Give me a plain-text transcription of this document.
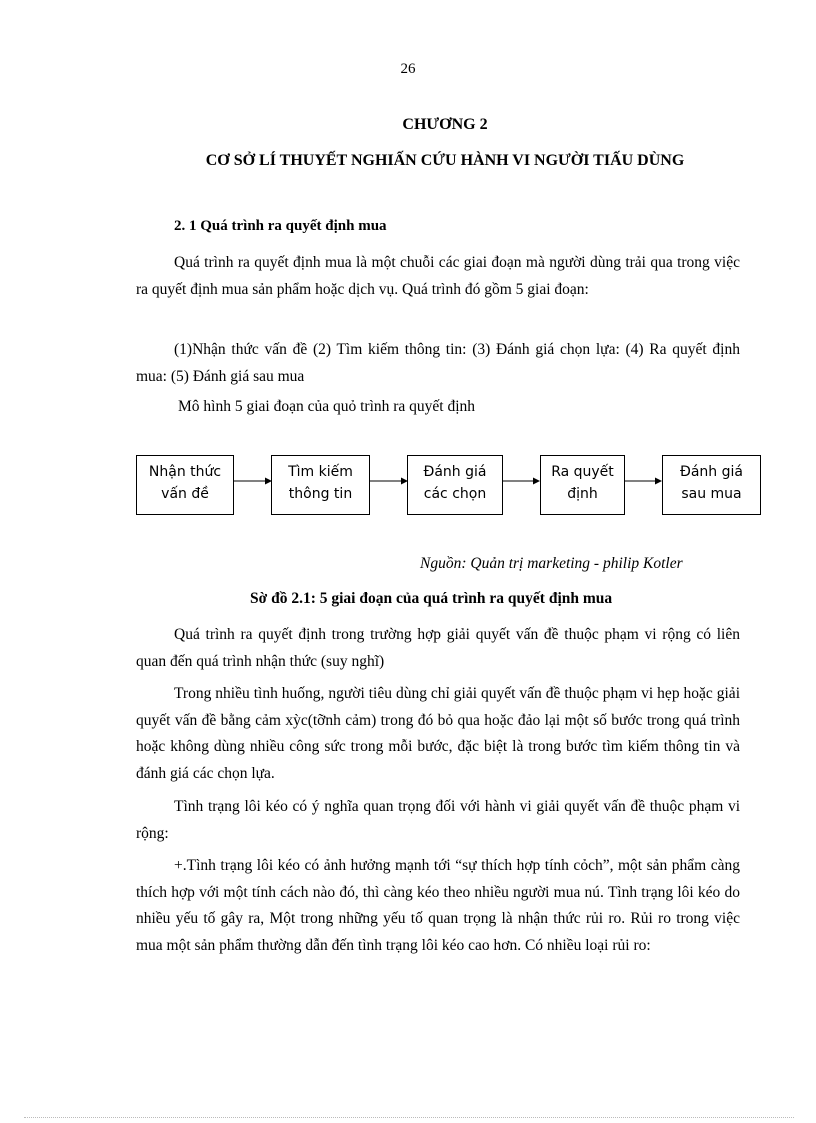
26
CHƯƠNG 2
CƠ SỞ LÍ THUYẾT NGHIẤN CỨU HÀNH VI NGƯỜI TIẤU DÙNG
2. 1 Quá trình ra quyết định mua

Quá trình ra quyết định mua là một chuỗi các giai đoạn mà người dùng trải qua trong việc ra quyết định mua sản phẩm hoặc dịch vụ. Quá trình đó gồm 5 giai đoạn:

(1)Nhận thức vấn đề (2) Tìm kiếm thông tin: (3) Đánh giá chọn lựa: (4) Ra quyết định mua: (5) Đánh giá sau mua

Mô hình 5 giai đoạn của quỏ trình ra quyết định

Nhận thức
vấn đề
Tìm kiếm
thông tin
Đánh giá
các chọn
Ra quyết
định
Đánh giá
sau mua
Nguồn: Quản trị marketing - philip Kotler
Sờ đồ 2.1: 5 giai đoạn của quá trình ra quyết định mua

Quá trình ra quyết định trong trường hợp giải quyết vấn đề thuộc phạm vi rộng có liên quan đến quá trình nhận thức (suy nghĩ)

Trong nhiều tình huống, người tiêu dùng chỉ giải quyết vấn đề thuộc phạm vi hẹp hoặc giải quyết vấn đề bằng cảm xỳc(tỡnh cảm) trong đó bỏ qua hoặc đảo lại một số bước trong quá trình hoặc không dùng nhiều công sức trong mỗi bước, đặc biệt là trong bước tìm kiếm thông tin và đánh giá các chọn lựa.

Tình trạng lôi kéo có ý nghĩa quan trọng đối với hành vi giải quyết vấn đề thuộc phạm vi rộng:

+.Tình trạng lôi kéo có ảnh hưởng mạnh tới “sự thích hợp tính cỏch”, một sản phẩm càng thích hợp với một tính cách nào đó, thì càng kéo theo nhiều người mua nú. Tình trạng lôi kéo do nhiều yếu tố gây ra, Một trong những yếu tố quan trọng là nhận thức rủi ro. Rủi ro trong việc mua một sản phẩm thường dẫn đến tình trạng lôi kéo cao hơn. Có nhiều loại rủi ro:
